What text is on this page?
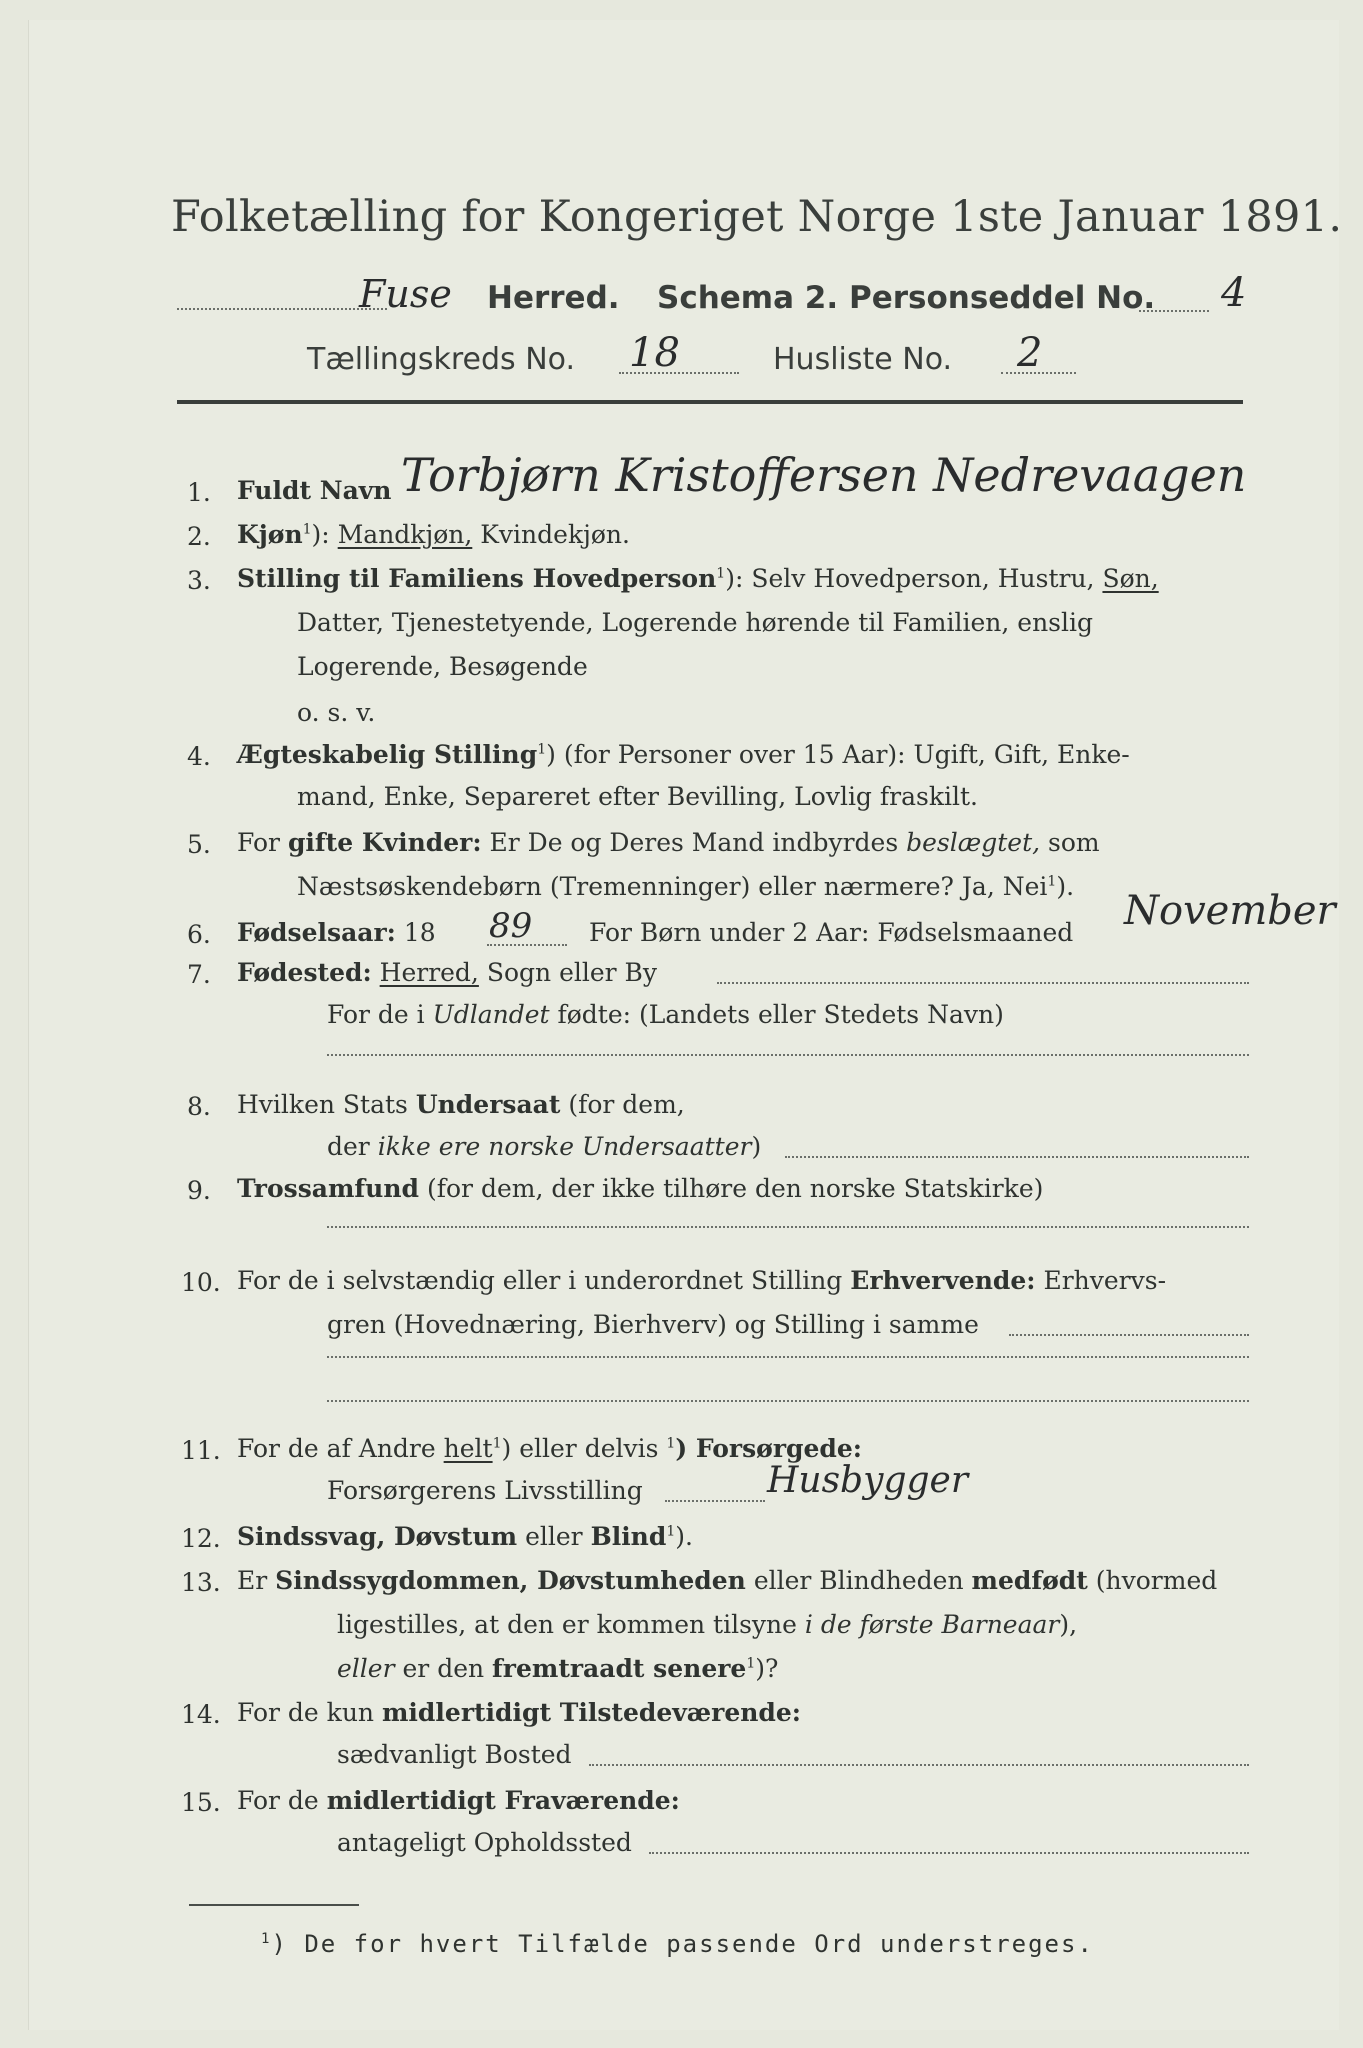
Folketælling for Kongeriget Norge 1ste Januar 1891.
Fuse Herred. Schema 2. Personseddel No. 4
Tællingskreds No. 18	Husliste No. 2
1. Fuldt Navn Torbjørn Kristoffersen Nedrevaagen
2. Kjøn$^1$): Mandkjøn, Kvindekjøn.
3. Stilling til Familiens Hovedperson$^1$): Selv Hovedperson, Hustru, Søn,
Datter, Tjenestetyende, Logerende hørende til Familien, enslig
Logerende, Besøgende
o. s. v.
4. Ægteskabelig Stilling$^1$) (for Personer over 15 Aar): Ugift, Gift, Enke-
mand, Enke, Separeret efter Bevilling, Lovlig fraskilt.
5. For gifte Kvinder: Er De og Deres Mand indbyrdes beslægtet, som
Næstsøskendebørn (Tremenninger) eller nærmere? Ja, Nei$^1$).
6. Fødselsaar: 18 89 For Børn under 2 Aar: Fødselsmaaned November
7. Fødested: Herred, Sogn eller By
For de i Udlandet fødte: (Landets eller Stedets Navn)
8. Hvilken Stats Undersaat (for dem,
der ikke ere norske Undersaatter)
9. Trossamfund (for dem, der ikke tilhøre den norske Statskirke)
10. For de i selvstændig eller i underordnet Stilling Erhvervende: Erhvervs-
gren (Hovednæring, Bierhverv) og Stilling i samme
11. For de af Andre helt$^1$) eller delvis $^1$) Forsørgede:
Forsørgerens Livsstilling	Husbygger
12. Sindssvag, Døvstum eller Blind$^1$).
13. Er Sindssygdommen, Døvstumheden eller Blindheden medfødt (hvormed
ligestilles, at den er kommen tilsyne i de første Barneaar),
eller er den fremtraadt senere$^1$)?
14. For de kun midlertidigt Tilstedeværende:
sædvanligt Bosted
15. For de midlertidigt Fraværende:
antageligt Opholdssted
$^1$) De for hvert Tilfælde passende Ord understreges.
